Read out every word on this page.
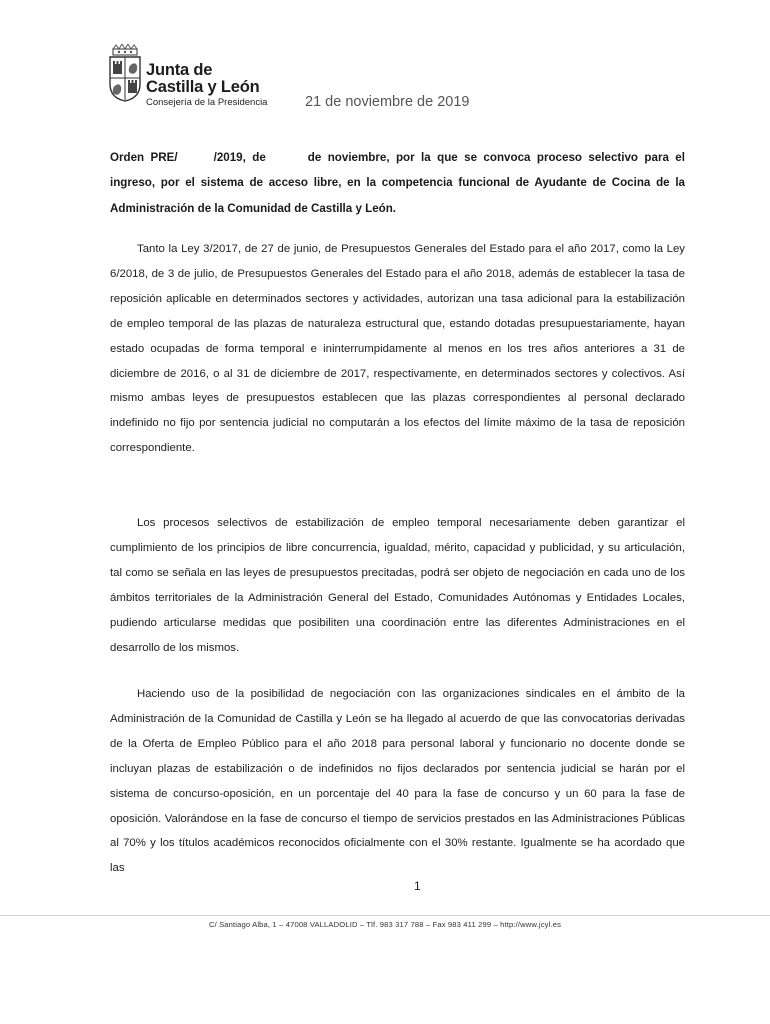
Junta de
Castilla y León
Consejería de la Presidencia	21 de noviembre de 2019

Orden PRE/	/2019, de	de noviembre, por la que se convoca proceso selectivo para el ingreso, por el sistema de acceso libre, en la competencia funcional de Ayudante de Cocina de la Administración de la Comunidad de Castilla y León.

Tanto la Ley 3/2017, de 27 de junio, de Presupuestos Generales del Estado para el año 2017, como la Ley 6/2018, de 3 de julio, de Presupuestos Generales del Estado para el año 2018, además de establecer la tasa de reposición aplicable en determinados sectores y actividades, autorizan una tasa adicional para la estabilización de empleo temporal de las plazas de naturaleza estructural que, estando dotadas presupuestariamente, hayan estado ocupadas de forma temporal e ininterrumpidamente al menos en los tres años anteriores a 31 de diciembre de 2016, o al 31 de diciembre de 2017, respectivamente, en determinados sectores y colectivos. Así mismo ambas leyes de presupuestos establecen que las plazas correspondientes al personal declarado indefinido no fijo por sentencia judicial no computarán a los efectos del límite máximo de la tasa de reposición correspondiente.

Los procesos selectivos de estabilización de empleo temporal necesariamente deben garantizar el cumplimiento de los principios de libre concurrencia, igualdad, mérito, capacidad y publicidad, y su articulación, tal como se señala en las leyes de presupuestos precitadas, podrá ser objeto de negociación en cada uno de los ámbitos territoriales de la Administración General del Estado, Comunidades Autónomas y Entidades Locales, pudiendo articularse medidas que posibiliten una coordinación entre las diferentes Administraciones en el desarrollo de los mismos.

Haciendo uso de la posibilidad de negociación con las organizaciones sindicales en el ámbito de la Administración de la Comunidad de Castilla y León se ha llegado al acuerdo de que las convocatorias derivadas de la Oferta de Empleo Público para el año 2018 para personal laboral y funcionario no docente donde se incluyan plazas de estabilización o de indefinidos no fijos declarados por sentencia judicial se harán por el sistema de concurso-oposición, en un porcentaje del 40 para la fase de concurso y un 60 para la fase de oposición. Valorándose en la fase de concurso el tiempo de servicios prestados en las Administraciones Públicas al 70% y los títulos académicos reconocidos oficialmente con el 30% restante. Igualmente se ha acordado que las

1
C/ Santiago Alba, 1 – 47008 VALLADOLID – Tlf. 983 317 788 – Fax 983 411 299 – http://www.jcyl.es
